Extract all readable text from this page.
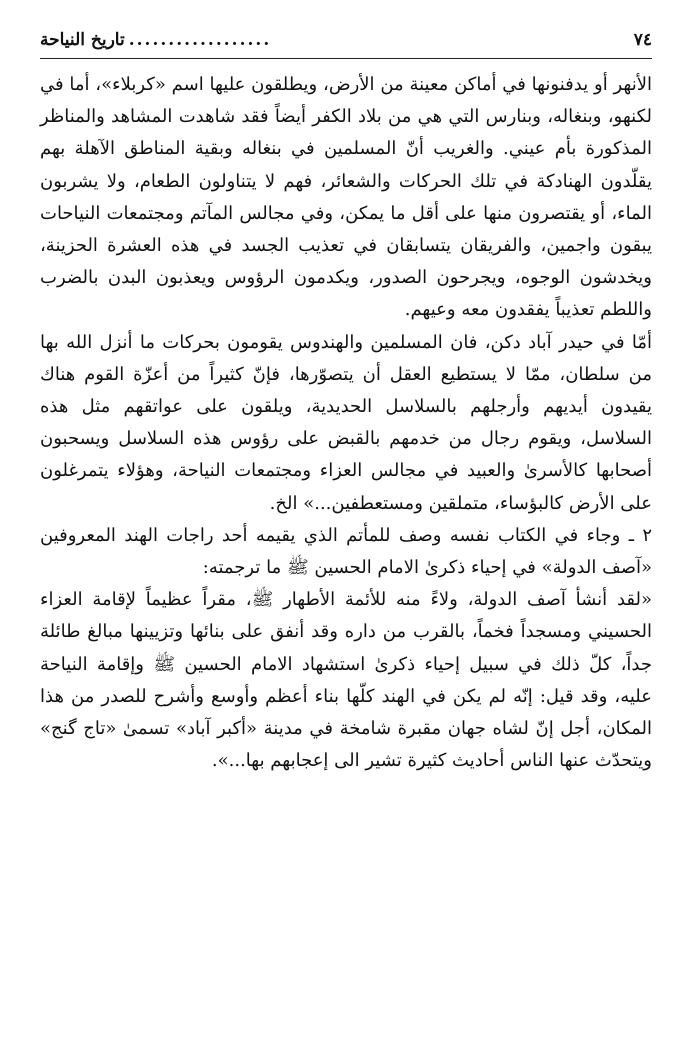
٧٤
..................
تاريخ النياحة

الأنهر أو يدفنونها في أماكن معينة من الأرض، ويطلقون عليها اسم «كربلاء»، أما في لكنهو، وبنغاله، وبنارس التي هي من بلاد الكفر أيضاً فقد شاهدت المشاهد والمناظر المذكورة بأم عيني. والغريب أنّ المسلمين في بنغاله وبقية المناطق الآهلة بهم يقلّدون الهنادكة في تلك الحركات والشعائر، فهم لا يتناولون الطعام، ولا يشربون الماء، أو يقتصرون منها على أقل ما يمكن، وفي مجالس المآتم ومجتمعات النياحات يبقون واجمين، والفريقان يتسابقان في تعذيب الجسد في هذه العشرة الحزينة، ويخدشون الوجوه، ويجرحون الصدور، ويكدمون الرؤوس ويعذبون البدن بالضرب واللطم تعذيباً يفقدون معه وعيهم.

أمّا في حيدر آباد دكن، فان المسلمين والهندوس يقومون بحركات ما أنزل الله بها من سلطان، ممّا لا يستطيع العقل أن يتصوّرها، فإنّ كثيراً من أعزّة القوم هناك يقيدون أيديهم وأرجلهم بالسلاسل الحديدية، ويلقون على عواتقهم مثل هذه السلاسل، ويقوم رجال من خدمهم بالقبض على رؤوس هذه السلاسل ويسحبون أصحابها كالأسرىٰ والعبيد في مجالس العزاء ومجتمعات النياحة، وهؤلاء يتمرغلون على الأرض كالبؤساء، متملقين ومستعطفين...» الخ.

٢ ـ وجاء في الكتاب نفسه وصف للمأتم الذي يقيمه أحد راجات الهند المعروفين «آصف الدولة» في إحياء ذكرىٰ الامام الحسين ﷺ ما ترجمته:

«لقد أنشأ آصف الدولة، ولاءً منه للأئمة الأطهار ﷺ، مقراً عظيماً لإقامة العزاء الحسيني ومسجداً فخماً، بالقرب من داره وقد أنفق على بنائها وتزيينها مبالغ طائلة جداً، كلّ ذلك في سبيل إحياء ذكرىٰ استشهاد الامام الحسين ﷺ وإقامة النياحة عليه، وقد قيل: إنّه لم يكن في الهند كلّها بناء أعظم وأوسع وأشرح للصدر من هذا المكان، أجل إنّ لشاه جهان مقبرة شامخة في مدينة «أكبر آباد» تسمىٰ «تاج گنج» ويتحدّث عنها الناس أحاديث كثيرة تشير الى إعجابهم بها...».
